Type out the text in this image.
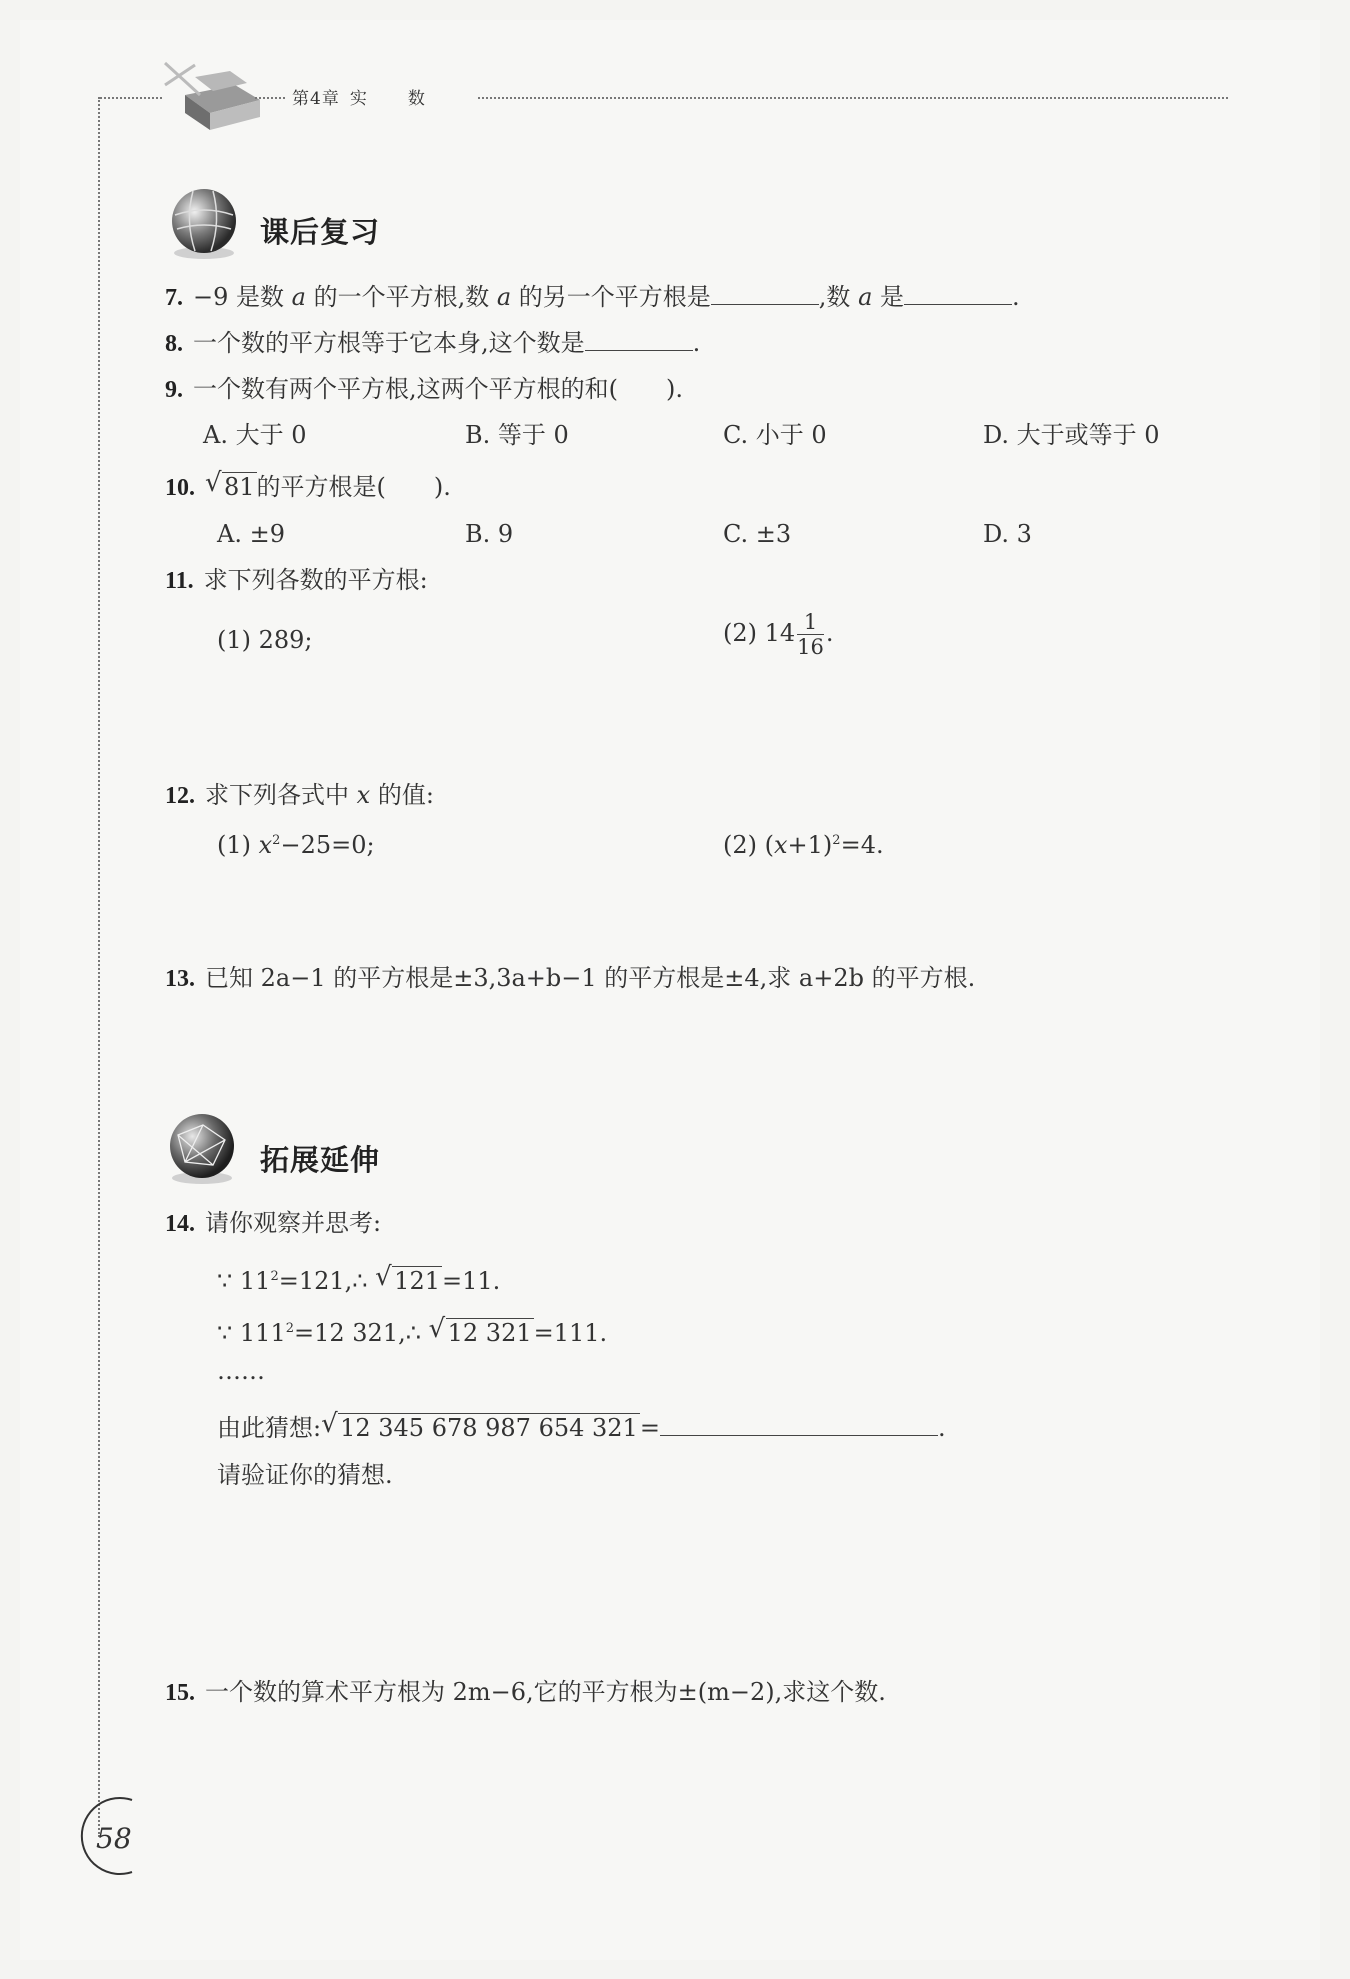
第4章 实 数
课后复习
7. −9 是数 a 的一个平方根,数 a 的另一个平方根是	,数 a 是	.
8. 一个数的平方根等于它本身,这个数是	.
9. 一个数有两个平方根,这两个平方根的和(　　).
A. 大于 0	B. 等于 0	C. 小于 0	D. 大于或等于 0
10. √ 81的平方根是(　　).
A. ±9	B. 9	C. ±3	D. 3
11. 求下列各数的平方根:
(1) 289;	(2) $14 \frac{1}{16}$ .
12. 求下列各式中 x 的值:
(1) $x^2-25=0$;	(2) $(x+1)^2=4$.
13. 已知 2a−1 的平方根是±3,3a+b−1 的平方根是±4,求 a+2b 的平方根.
拓展延伸
14. 请你观察并思考:
∵ $11^2=121,\therefore$ √ 121=11.
∵ $111^2=12$ 321,∴ √ 12 321=111.
……
由此猜想: √ 12 345 678 987 654 321=	.
请验证你的猜想.
15. 一个数的算术平方根为 2m−6,它的平方根为±(m−2),求这个数.
58
